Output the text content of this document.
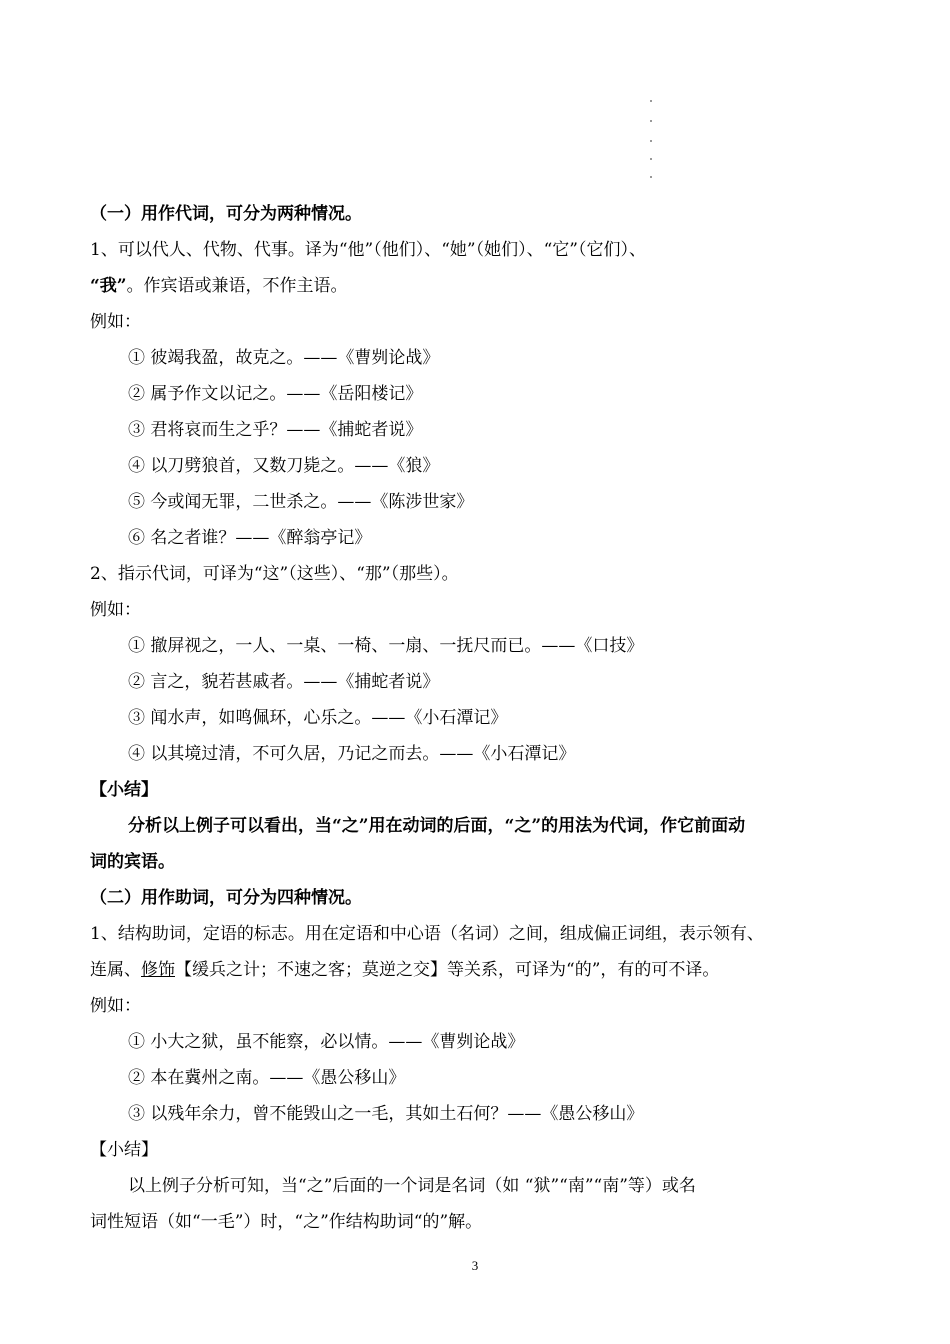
（一）用作代词，可分为两种情况。
1、可以代人、代物、代事。译为“他”（他们）、“她”（她们）、“它”（它们）、
“我”。作宾语或兼语，不作主语。
例如：
① 彼竭我盈，故克之。——《曹刿论战》
② 属予作文以记之。——《岳阳楼记》
③ 君将哀而生之乎？——《捕蛇者说》
④ 以刀劈狼首，又数刀毙之。——《狼》
⑤ 今或闻无罪，二世杀之。——《陈涉世家》
⑥ 名之者谁？——《醉翁亭记》
2、指示代词，可译为“这”（这些）、“那”（那些）。
例如：
① 撤屏视之，一人、一桌、一椅、一扇、一抚尺而已。——《口技》
② 言之，貌若甚戚者。——《捕蛇者说》
③ 闻水声，如鸣佩环，心乐之。——《小石潭记》
④ 以其境过清，不可久居，乃记之而去。——《小石潭记》
【小结】
分析以上例子可以看出，当“之”用在动词的后面，“之”的用法为代词，作它前面动
词的宾语。
（二）用作助词，可分为四种情况。
1、结构助词，定语的标志。用在定语和中心语（名词）之间，组成偏正词组，表示领有、
连属、修饰【缓兵之计；不速之客；莫逆之交】等关系，可译为“的”，有的可不译。
例如：
① 小大之狱，虽不能察，必以情。——《曹刿论战》
② 本在冀州之南。——《愚公移山》
③ 以残年余力，曾不能毁山之一毛，其如土石何？——《愚公移山》
【小结】
以上例子分析可知，当“之”后面的一个词是名词（如 “狱”“南”“南”等）或名
词性短语（如“一毛”）时，“之”作结构助词“的”解。
3
